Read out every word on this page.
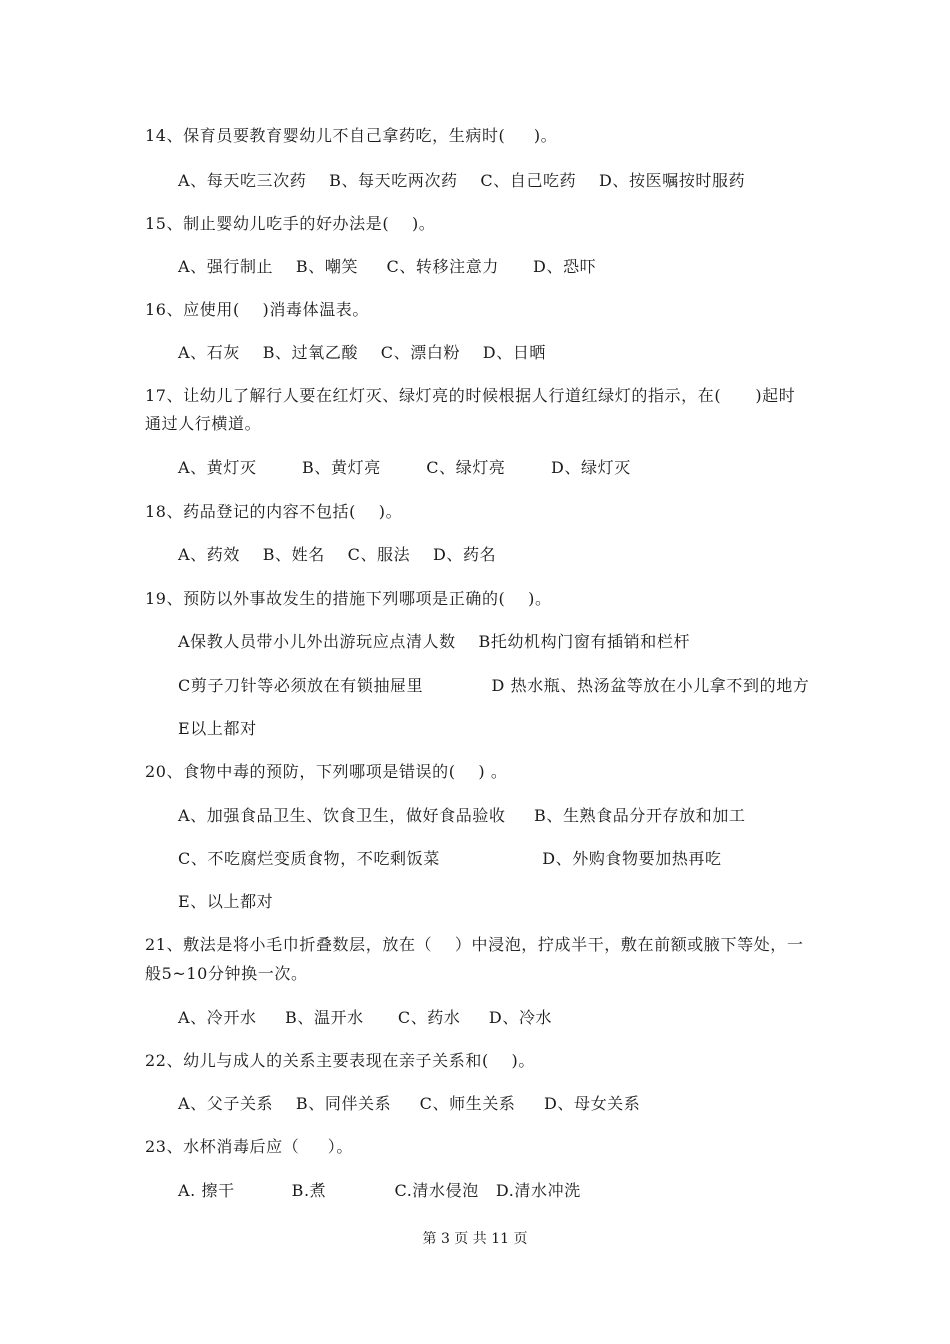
14、保育员要教育婴幼儿不自己拿药吃，生病时(     )。
A、每天吃三次药    B、每天吃两次药    C、自己吃药    D、按医嘱按时服药
15、制止婴幼儿吃手的好办法是(    )。
A、强行制止    B、嘲笑     C、转移注意力      D、恐吓
16、应使用(    )消毒体温表。
A、石灰    B、过氧乙酸    C、漂白粉    D、日晒
17、让幼儿了解行人要在红灯灭、绿灯亮的时候根据人行道红绿灯的指示，在(      )起时
通过人行横道。
A、黄灯灭        B、黄灯亮        C、绿灯亮        D、绿灯灭
18、药品登记的内容不包括(    )。
A、药效    B、姓名    C、服法    D、药名
19、预防以外事故发生的措施下列哪项是正确的(    )。
A保教人员带小儿外出游玩应点清人数    B托幼机构门窗有插销和栏杆
C剪子刀针等必须放在有锁抽屉里            D 热水瓶、热汤盆等放在小儿拿不到的地方
E以上都对
20、食物中毒的预防，下列哪项是错误的(    ) 。
A、加强食品卫生、饮食卫生，做好食品验收     B、生熟食品分开存放和加工
C、不吃腐烂变质食物，不吃剩饭菜                  D、外购食物要加热再吃
E、以上都对
21、敷法是将小毛巾折叠数层，放在（    ）中浸泡，拧成半干，敷在前额或腋下等处，一
般5~10分钟换一次。
A、冷开水     B、温开水      C、药水     D、冷水
22、幼儿与成人的关系主要表现在亲子关系和(    )。
A、父子关系    B、同伴关系     C、师生关系     D、母女关系
23、水杯消毒后应（     ）。
A. 擦干          B.煮            C.清水侵泡   D.清水冲洗
第 3 页 共 11 页
